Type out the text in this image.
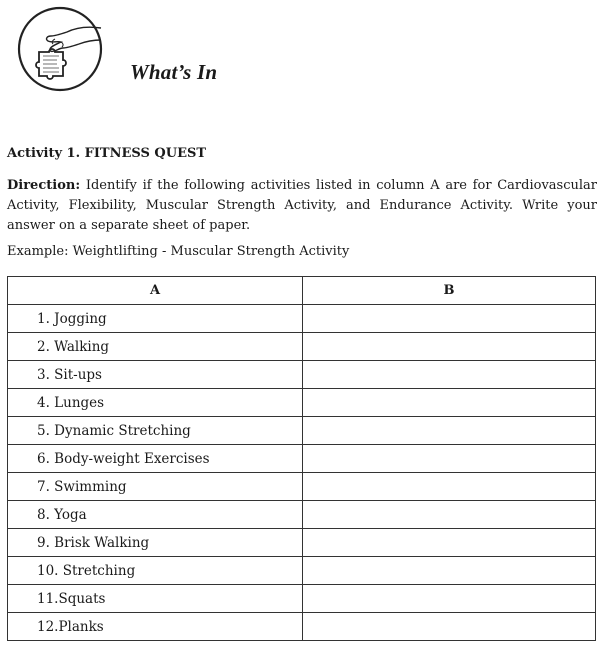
What’s In
Activity 1. FITNESS QUEST
Direction: Identify if the following activities listed in column A are for Cardiovascular Activity, Flexibility, Muscular Strength Activity, and Endurance Activity. Write your answer on a separate sheet of paper.
Example: Weightlifting - Muscular Strength Activity
A	B
1. Jogging	
2. Walking	
3. Sit-ups	
4. Lunges	
5. Dynamic Stretching	
6. Body-weight Exercises	
7. Swimming	
8. Yoga	
9. Brisk Walking	
10. Stretching	
11.Squats	
12.Planks	
